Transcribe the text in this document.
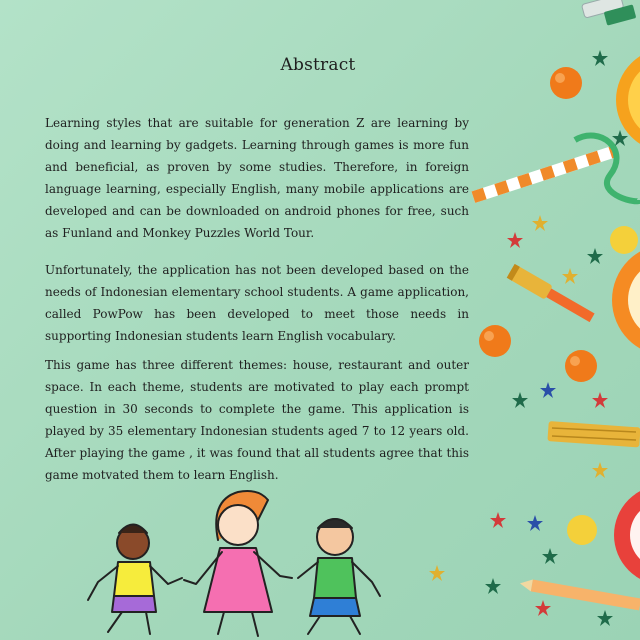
Abstract

Learning styles that are suitable for generation Z are learning by doing and learning by gadgets. Learning through games is more fun and beneficial, as proven by some studies. Therefore, in foreign language learning, especially English, many mobile applications are developed and can be downloaded on android phones for free, such as Funland and Monkey Puzzles World Tour.

Unfortunately, the application has not been developed based on the needs of Indonesian elementary school students. A game application, called PowPow has been developed to meet those needs in supporting Indonesian students learn English vocabulary.

This game has three different themes: house, restaurant and outer space. In each theme, students are motivated to play each prompt question in 30 seconds to complete the game. This application is played by 35 elementary Indonesian students aged 7 to 12 years old. After playing the game , it was found that all students agree that this game motvated them to learn English.
